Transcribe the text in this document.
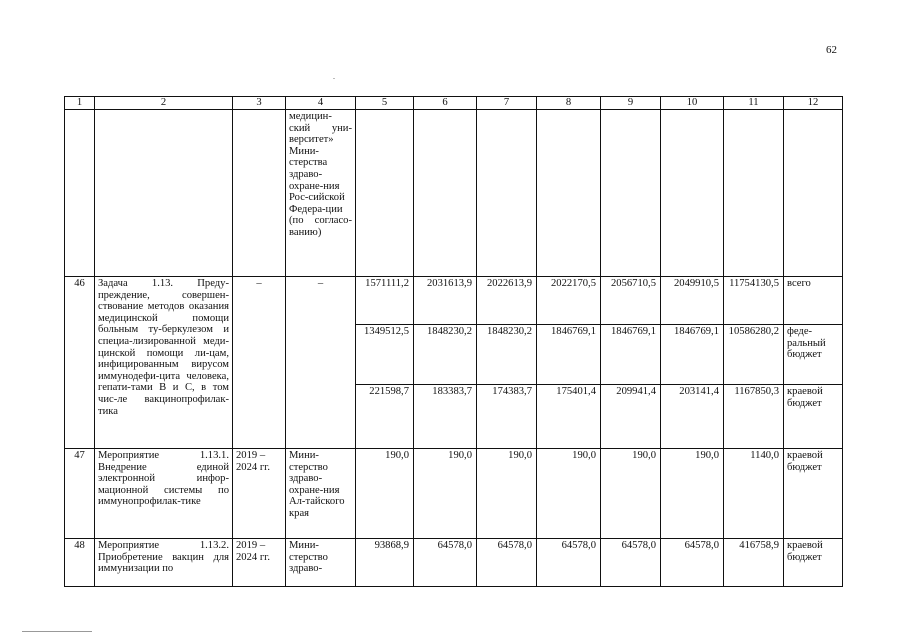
62
1	2	3	4	5	6	7	8	9	10	11	12
			медицин-ский уни-верситет» Мини-стерства здраво-охране-ния Рос-сийской Федера-ции (по согласо-ванию)								
46	Задача 1.13. Преду-преждение, совершен-ствование методов оказания медицинской помощи больным ту-беркулезом и специа-лизированной меди-цинской помощи ли-цам, инфицированным вирусом иммунодефи-цита человека, гепати-тами В и С, в том чис-ле вакцинопрофилак-тика	–	–	1571111,2	2031613,9	2022613,9	2022170,5	2056710,5	2049910,5	11754130,5	всего
				1349512,5	1848230,2	1848230,2	1846769,1	1846769,1	1846769,1	10586280,2	феде-ральный бюджет
				221598,7	183383,7	174383,7	175401,4	209941,4	203141,4	1167850,3	краевой бюджет
47	Мероприятие 1.13.1. Внедрение единой электронной инфор-мационной системы по иммунопрофилак-тике	2019 – 2024 гг.	Мини-стерство здраво-охране-ния Ал-тайского края	190,0	190,0	190,0	190,0	190,0	190,0	1140,0	краевой бюджет
48	Мероприятие 1.13.2. Приобретение вакцин для иммунизации по	2019 – 2024 гг.	Мини-стерство здраво-	93868,9	64578,0	64578,0	64578,0	64578,0	64578,0	416758,9	краевой бюджет
